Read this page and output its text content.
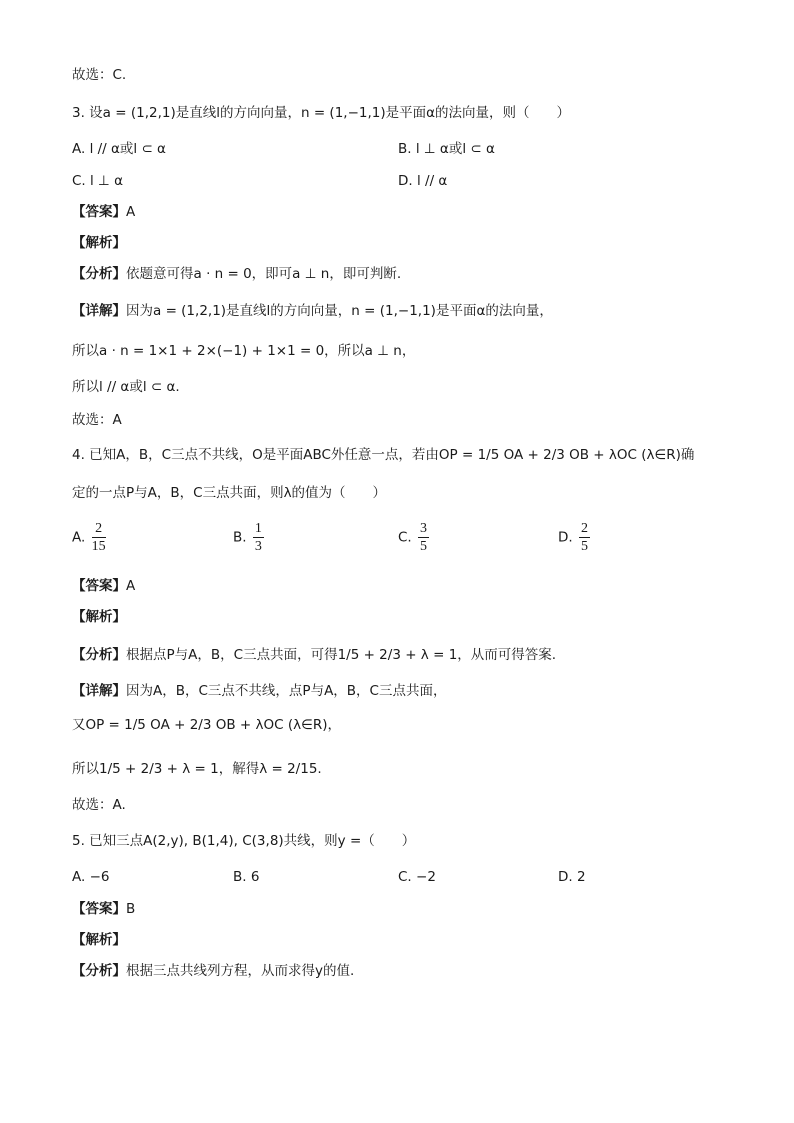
故选：C.
3. 设a = (1,2,1)是直线l的方向向量，n = (1,−1,1)是平面α的法向量，则（　　）
A. l // α或l ⊂ α	B. l ⊥ α或l ⊂ α
C. l ⊥ α	D. l // α
【答案】A
【解析】
【分析】依题意可得a · n = 0，即可a ⊥ n，即可判断.
【详解】因为a = (1,2,1)是直线l的方向向量，n = (1,−1,1)是平面α的法向量，
所以a · n = 1×1 + 2×(−1) + 1×1 = 0，所以a ⊥ n，
所以l // α或l ⊂ α.
故选：A
4. 已知A，B，C三点不共线，O是平面ABC外任意一点，若由OP = 1/5 OA + 2/3 OB + λOC (λ∈R)确
定的一点P与A，B，C三点共面，则λ的值为（　　）
A. $\frac{2}{15}$	B. $\frac{1}{3}$	C. $\frac{3}{5}$	D. $\frac{2}{5}$
【答案】A
【解析】
【分析】根据点P与A，B，C三点共面，可得1/5 + 2/3 + λ = 1，从而可得答案.
【详解】因为A，B，C三点不共线，点P与A，B，C三点共面，
又OP = 1/5 OA + 2/3 OB + λOC (λ∈R)，
所以1/5 + 2/3 + λ = 1，解得λ = 2/15.
故选：A.
5. 已知三点A(2,y), B(1,4), C(3,8)共线，则y =（　　）
A. −6	B. 6	C. −2	D. 2
【答案】B
【解析】
【分析】根据三点共线列方程，从而求得y的值.
